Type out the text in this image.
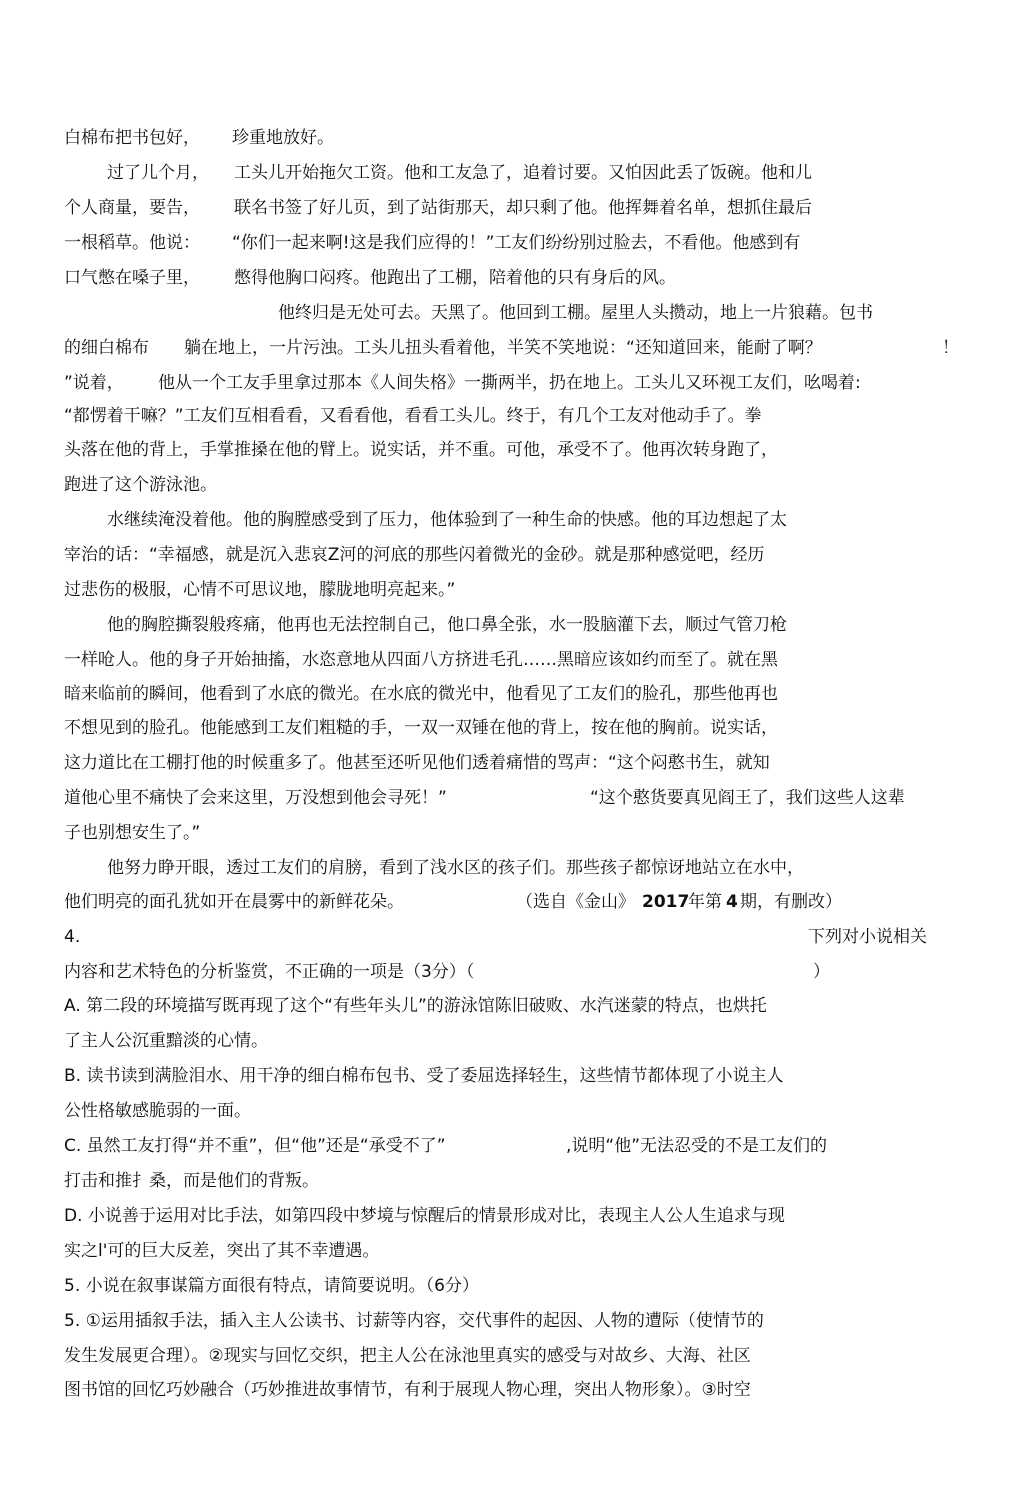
白棉布把书包好， 珍重地放好。
过了儿个月， 工头儿开始拖欠工资。他和工友急了，追着讨要。又怕因此丢了饭碗。他和儿
个人商量，要告， 联名书签了好儿页，到了站街那天，却只剩了他。他挥舞着名单，想抓住最后
一根稻草。他说： “你们一起来啊!这是我们应得的！”工友们纷纷别过脸去，不看他。他感到有
口气憋在嗓子里， 憋得他胸口闷疼。他跑出了工棚，陪着他的只有身后的风。
他终归是无处可去。天黑了。他回到工棚。屋里人头攒动，地上一片狼藉。包书
的细白棉布 躺在地上，一片污浊。工头儿扭头看着他，半笑不笑地说：“还知道回来，能耐了啊？	！
”说着， 他从一个工友手里拿过那本《人间失格》一撕两半，扔在地上。工头儿又环视工友们，吆喝着:
“都愣着干嘛？”工友们互相看看，又看看他，看看工头儿。终于，有几个工友对他动手了。拳
头落在他的背上，手掌推搡在他的臂上。说实话，并不重。可他，承受不了。他再次转身跑了，
跑进了这个游泳池。
水继续淹没着他。他的胸膛感受到了压力，他体验到了一种生命的快感。他的耳边想起了太
宰治的话：“幸福感，就是沉入悲哀Z河的河底的那些闪着微光的金砂。就是那种感觉吧，经历
过悲伤的极服，心情不可思议地，朦胧地明亮起来。”
他的胸腔撕裂般疼痛，他再也无法控制自己，他口鼻全张，水一股脑灌下去，顺过气管刀枪
一样呛人。他的身子开始抽搐，水恣意地从四面八方挤进毛孔……黑暗应该如约而至了。就在黑
暗来临前的瞬间，他看到了水底的微光。在水底的微光中，他看见了工友们的脸孔，那些他再也
不想见到的脸孔。他能感到工友们粗糙的手，一双一双锤在他的背上，按在他的胸前。说实话，
这力道比在工棚打他的时候重多了。他甚至还听见他们透着痛惜的骂声：“这个闷憨书生，就知
道他心里不痛快了会来这里，万没想到他会寻死！”	“这个憨货要真见阎王了，我们这些人这辈
子也别想安生了。”
他努力睁开眼，透过工友们的肩膀，看到了浅水区的孩子们。那些孩子都惊讶地站立在水中，
他们明亮的面孔犹如开在晨雾中的新鲜花朵。	（选自《金山》 2017
年第 4 期，有删改）
4.	下列对小说相关
内容和艺术特色的分析鉴赏，不正确的一项是（3分）（	）
A. 第二段的环境描写既再现了这个“有些年头儿”的游泳馆陈旧破败、水汽迷蒙的特点，也烘托
了主人公沉重黯淡的心情。
B. 读书读到满脸泪水、用干净的细白棉布包书、受了委屈选择轻生，这些情节都体现了小说主人
公性格敏感脆弱的一面。
C. 虽然工友打得“并不重”，但“他”还是“承受不了”	,说明“他”无法忍受的不是工友们的
打击和推扌桑，而是他们的背叛。
D. 小说善于运用对比手法，如第四段中梦境与惊醒后的情景形成对比，表现主人公人生追求与现
实之l'可的巨大反差，突出了其不幸遭遇。
5. 小说在叙事谋篇方面很有特点，请简要说明。（6分）
5. ①运用插叙手法，插入主人公读书、讨薪等内容，交代事件的起因、人物的遭际（使情节的
发生发展更合理）。②现实与回忆交织，把主人公在泳池里真实的感受与对故乡、大海、社区
图书馆的回忆巧妙融合（巧妙推进故事情节，有利于展现人物心理，突出人物形象）。③时空
